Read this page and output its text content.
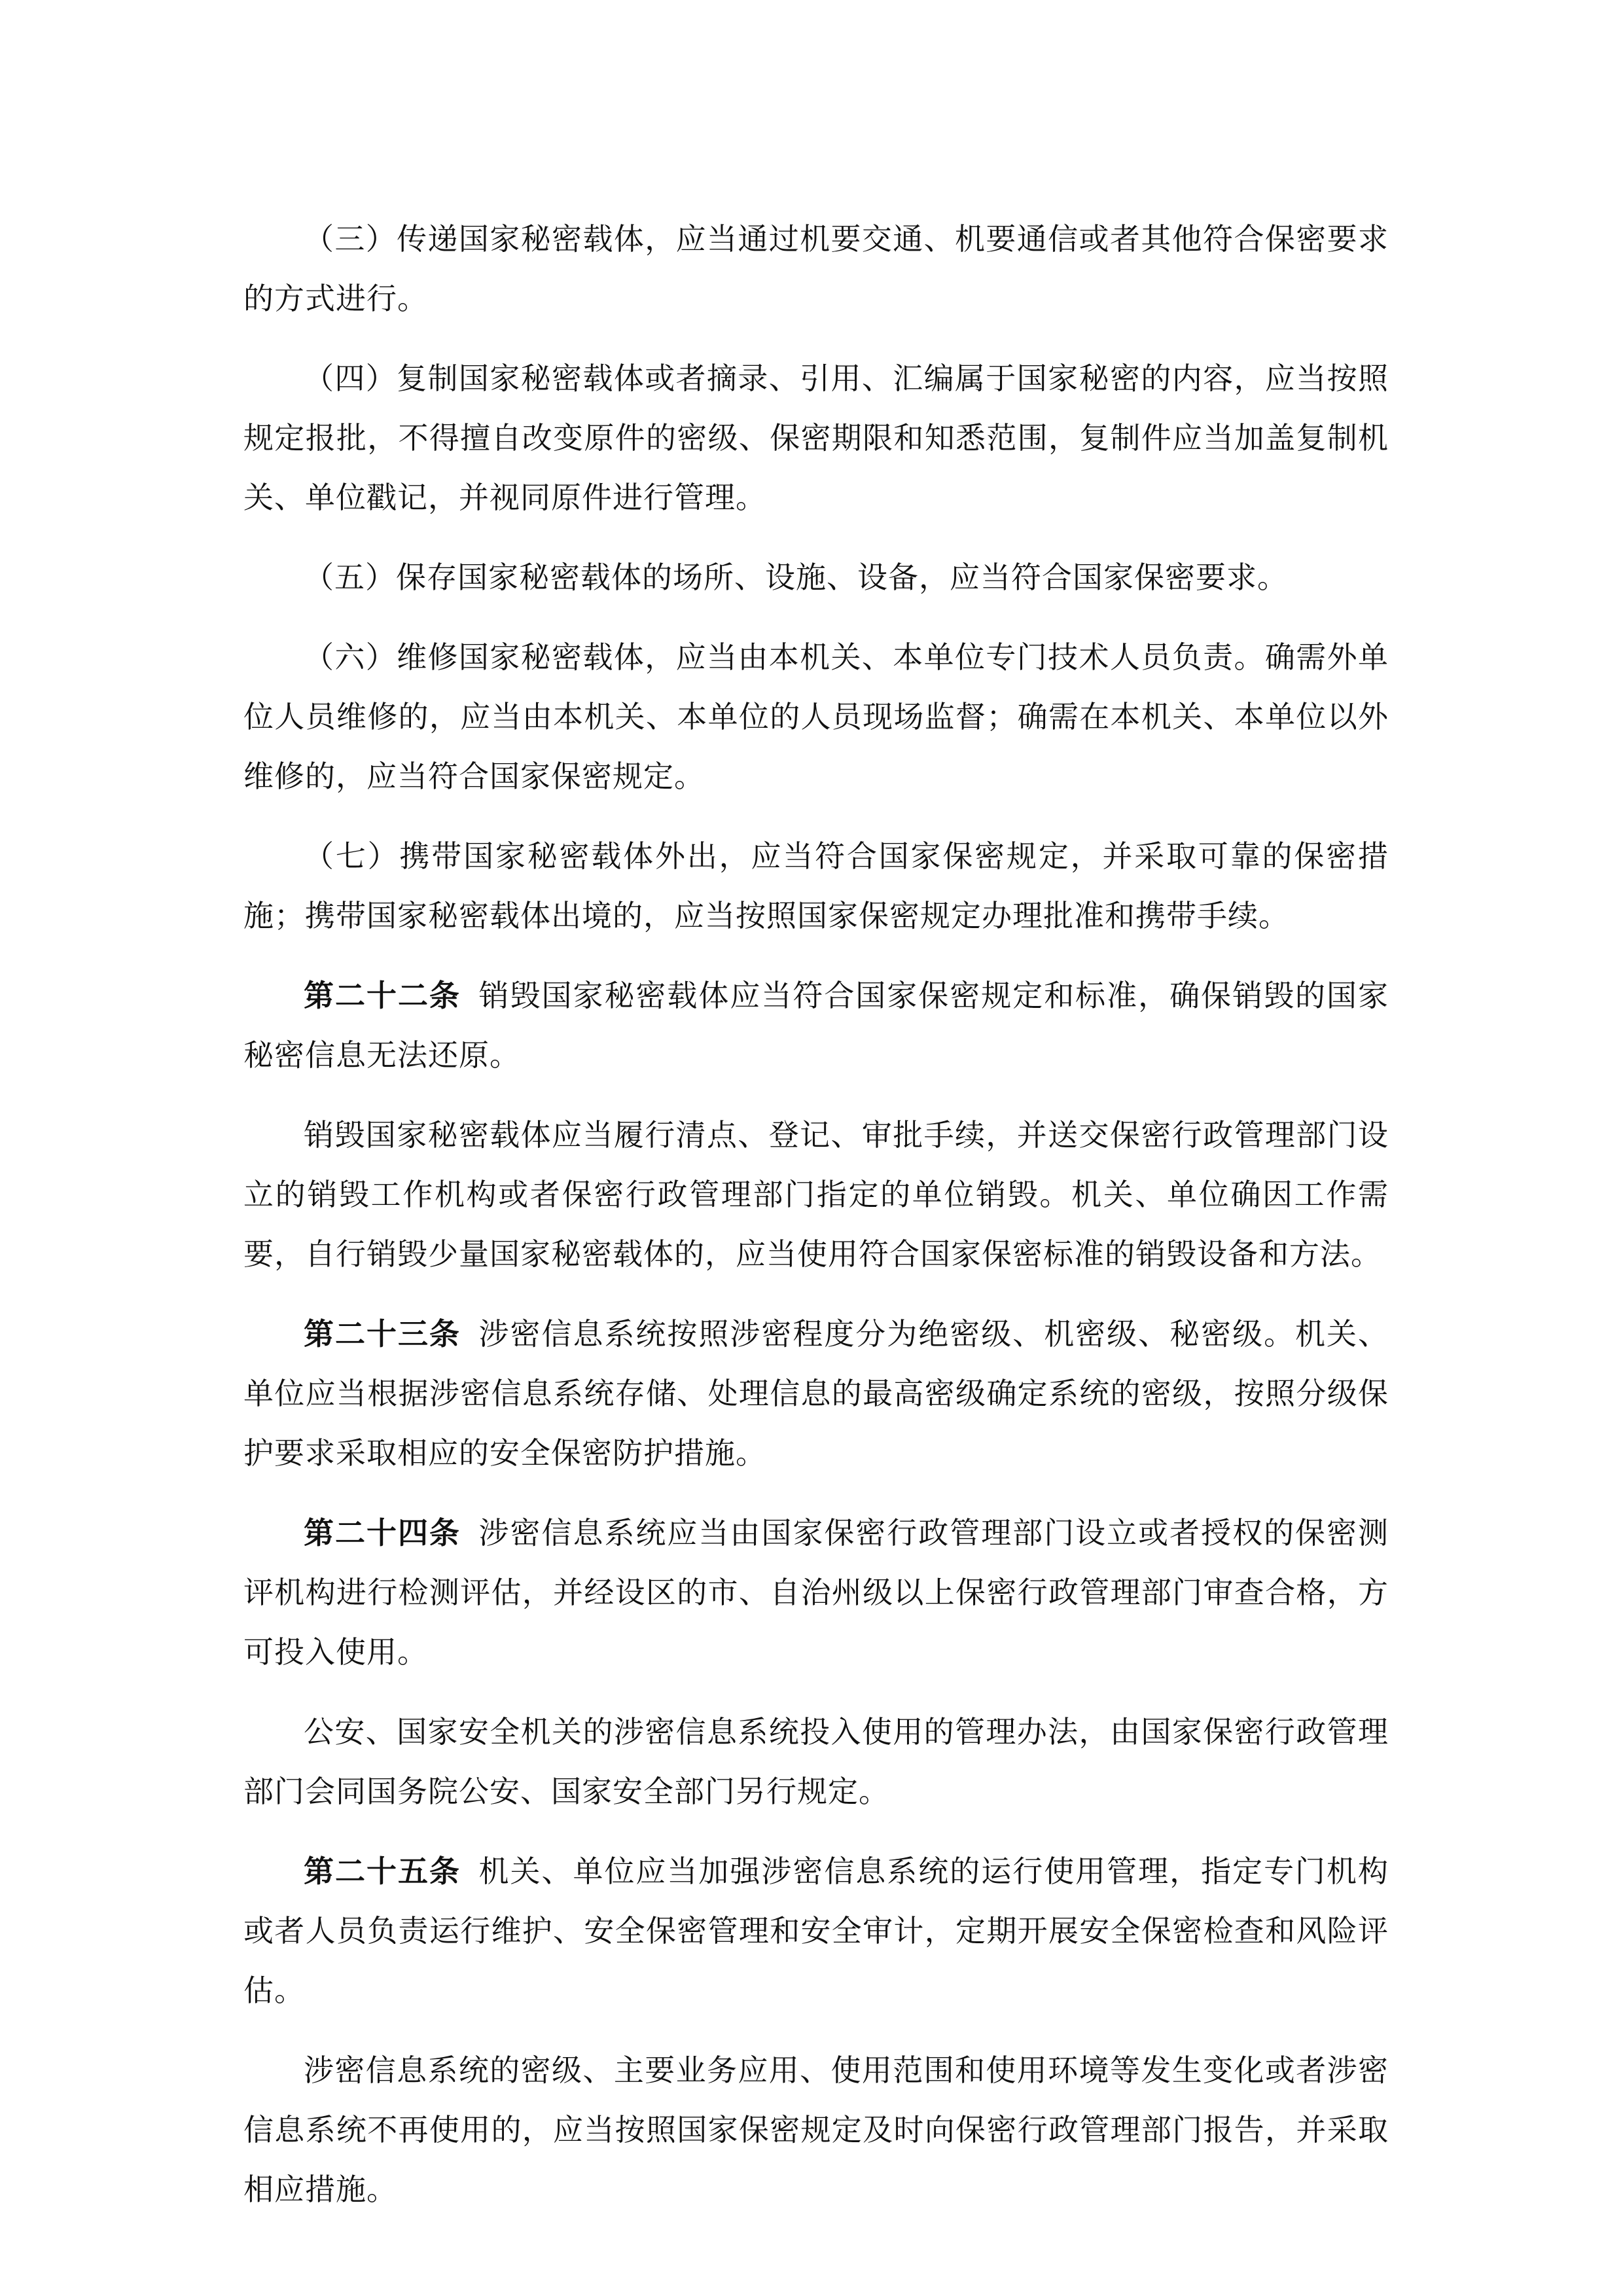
（三）传递国家秘密载体，应当通过机要交通、机要通信或者其他符合保密要求的方式进行。

（四）复制国家秘密载体或者摘录、引用、汇编属于国家秘密的内容，应当按照规定报批，不得擅自改变原件的密级、保密期限和知悉范围，复制件应当加盖复制机关、单位戳记，并视同原件进行管理。

（五）保存国家秘密载体的场所、设施、设备，应当符合国家保密要求。

（六）维修国家秘密载体，应当由本机关、本单位专门技术人员负责。确需外单位人员维修的，应当由本机关、本单位的人员现场监督；确需在本机关、本单位以外维修的，应当符合国家保密规定。

（七）携带国家秘密载体外出，应当符合国家保密规定，并采取可靠的保密措施；携带国家秘密载体出境的，应当按照国家保密规定办理批准和携带手续。

第二十二条 销毁国家秘密载体应当符合国家保密规定和标准，确保销毁的国家秘密信息无法还原。

销毁国家秘密载体应当履行清点、登记、审批手续，并送交保密行政管理部门设立的销毁工作机构或者保密行政管理部门指定的单位销毁。机关、单位确因工作需要，自行销毁少量国家秘密载体的，应当使用符合国家保密标准的销毁设备和方法。

第二十三条 涉密信息系统按照涉密程度分为绝密级、机密级、秘密级。机关、单位应当根据涉密信息系统存储、处理信息的最高密级确定系统的密级，按照分级保护要求采取相应的安全保密防护措施。

第二十四条 涉密信息系统应当由国家保密行政管理部门设立或者授权的保密测评机构进行检测评估，并经设区的市、自治州级以上保密行政管理部门审查合格，方可投入使用。

公安、国家安全机关的涉密信息系统投入使用的管理办法，由国家保密行政管理部门会同国务院公安、国家安全部门另行规定。

第二十五条 机关、单位应当加强涉密信息系统的运行使用管理，指定专门机构或者人员负责运行维护、安全保密管理和安全审计，定期开展安全保密检查和风险评估。

涉密信息系统的密级、主要业务应用、使用范围和使用环境等发生变化或者涉密信息系统不再使用的，应当按照国家保密规定及时向保密行政管理部门报告，并采取相应措施。
